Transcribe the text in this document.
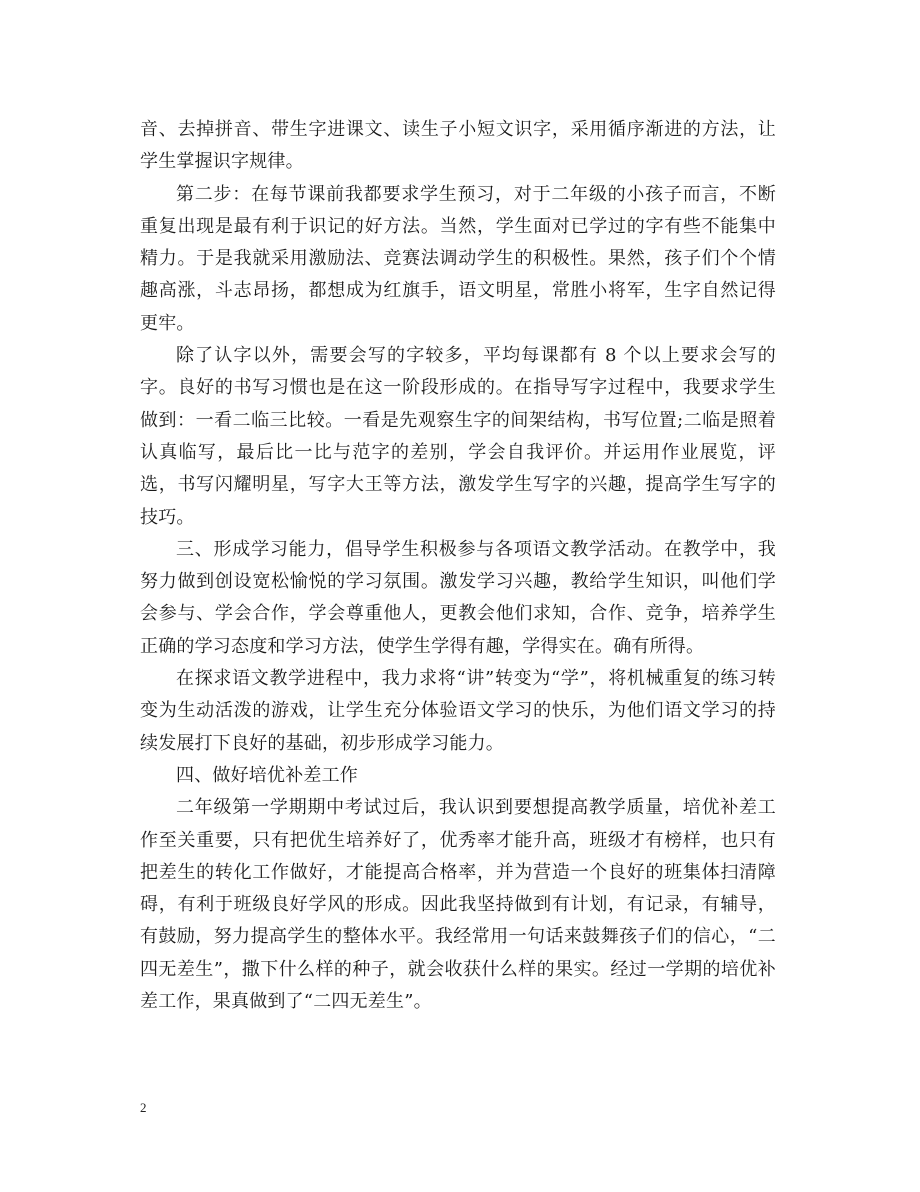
音、去掉拼音、带生字进课文、读生子小短文识字，采用循序渐进的方法，让学生掌握识字规律。

第二步：在每节课前我都要求学生预习，对于二年级的小孩子而言，不断重复出现是最有利于识记的好方法。当然，学生面对已学过的字有些不能集中精力。于是我就采用激励法、竞赛法调动学生的积极性。果然，孩子们个个情趣高涨，斗志昂扬，都想成为红旗手，语文明星，常胜小将军，生字自然记得更牢。

除了认字以外，需要会写的字较多，平均每课都有 8 个以上要求会写的字。良好的书写习惯也是在这一阶段形成的。在指导写字过程中，我要求学生做到：一看二临三比较。一看是先观察生字的间架结构，书写位置;二临是照着认真临写，最后比一比与范字的差别，学会自我评价。并运用作业展览，评选，书写闪耀明星，写字大王等方法，激发学生写字的兴趣，提高学生写字的技巧。

三、形成学习能力，倡导学生积极参与各项语文教学活动。在教学中，我努力做到创设宽松愉悦的学习氛围。激发学习兴趣，教给学生知识，叫他们学会参与、学会合作，学会尊重他人，更教会他们求知，合作、竞争，培养学生正确的学习态度和学习方法，使学生学得有趣，学得实在。确有所得。

在探求语文教学进程中，我力求将“讲”转变为“学”，将机械重复的练习转变为生动活泼的游戏，让学生充分体验语文学习的快乐，为他们语文学习的持续发展打下良好的基础，初步形成学习能力。

四、做好培优补差工作

二年级第一学期期中考试过后，我认识到要想提高教学质量，培优补差工作至关重要，只有把优生培养好了，优秀率才能升高，班级才有榜样，也只有把差生的转化工作做好，才能提高合格率，并为营造一个良好的班集体扫清障碍，有利于班级良好学风的形成。因此我坚持做到有计划，有记录，有辅导，有鼓励，努力提高学生的整体水平。我经常用一句话来鼓舞孩子们的信心，“二四无差生”，撒下什么样的种子，就会收获什么样的果实。经过一学期的培优补差工作，果真做到了“二四无差生”。

2
